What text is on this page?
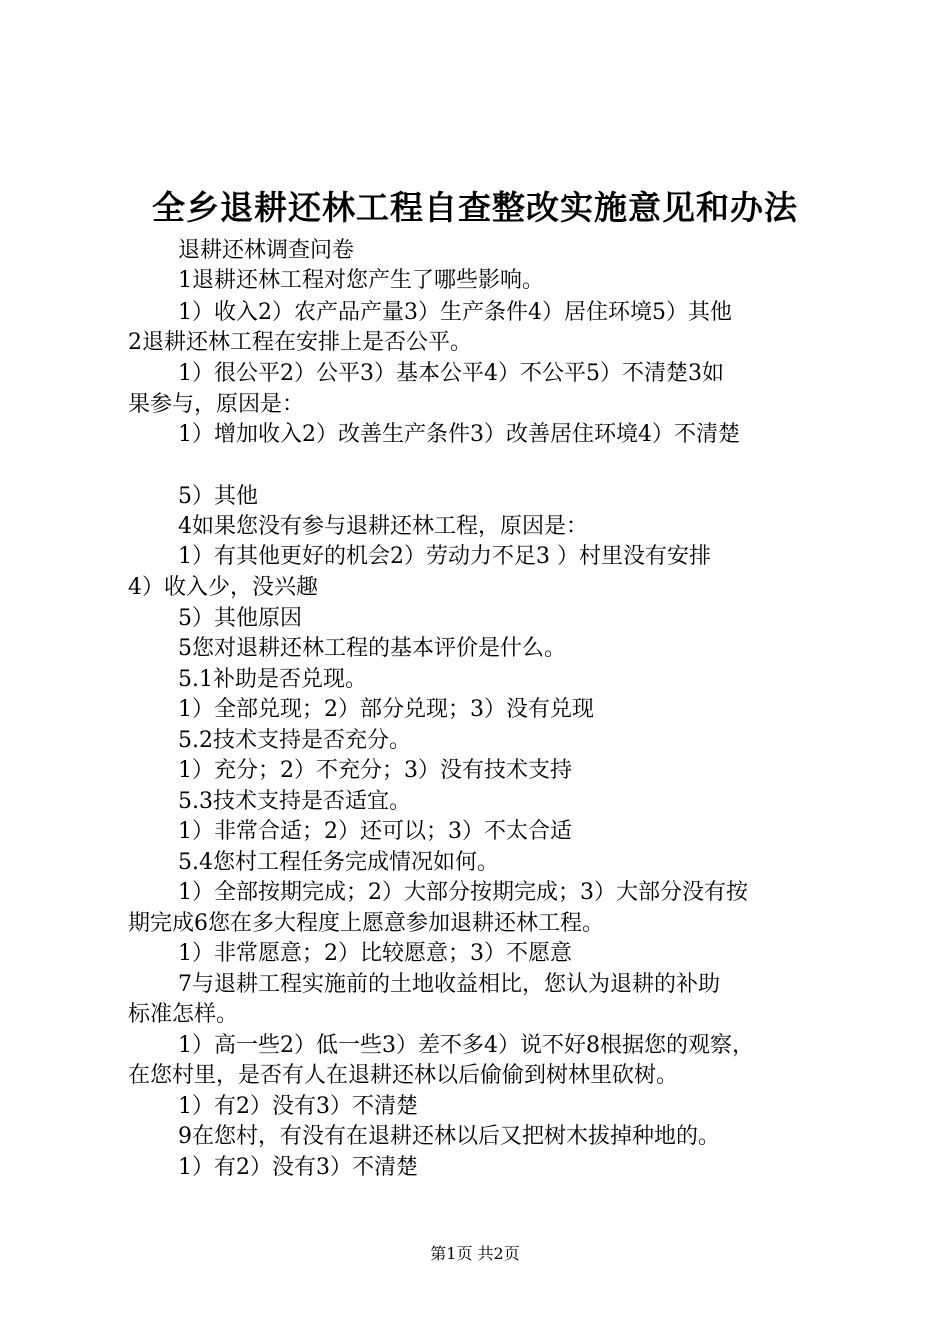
全乡退耕还林工程自查整改实施意见和办法

退耕还林调查问卷

1退耕还林工程对您产生了哪些影响。

1）收入2）农产品产量3）生产条件4）居住环境5）其他

2退耕还林工程在安排上是否公平。

1）很公平2）公平3）基本公平4）不公平5）不清楚3如

果参与，原因是：

1）增加收入2）改善生产条件3）改善居住环境4）不清楚

5）其他

4如果您没有参与退耕还林工程，原因是：

1）有其他更好的机会2）劳动力不足3 ）村里没有安排

4）收入少，没兴趣

5）其他原因

5您对退耕还林工程的基本评价是什么。

5.1补助是否兑现。

1）全部兑现；2）部分兑现；3）没有兑现

5.2技术支持是否充分。

1）充分；2）不充分；3）没有技术支持

5.3技术支持是否适宜。

1）非常合适；2）还可以；3）不太合适

5.4您村工程任务完成情况如何。

1）全部按期完成；2）大部分按期完成；3）大部分没有按

期完成6您在多大程度上愿意参加退耕还林工程。

1）非常愿意；2）比较愿意；3）不愿意

7与退耕工程实施前的土地收益相比，您认为退耕的补助

标准怎样。

1）高一些2）低一些3）差不多4）说不好8根据您的观察，

在您村里，是否有人在退耕还林以后偷偷到树林里砍树。

1）有2）没有3）不清楚

9在您村，有没有在退耕还林以后又把树木拔掉种地的。

1）有2）没有3）不清楚

第1页 共2页
